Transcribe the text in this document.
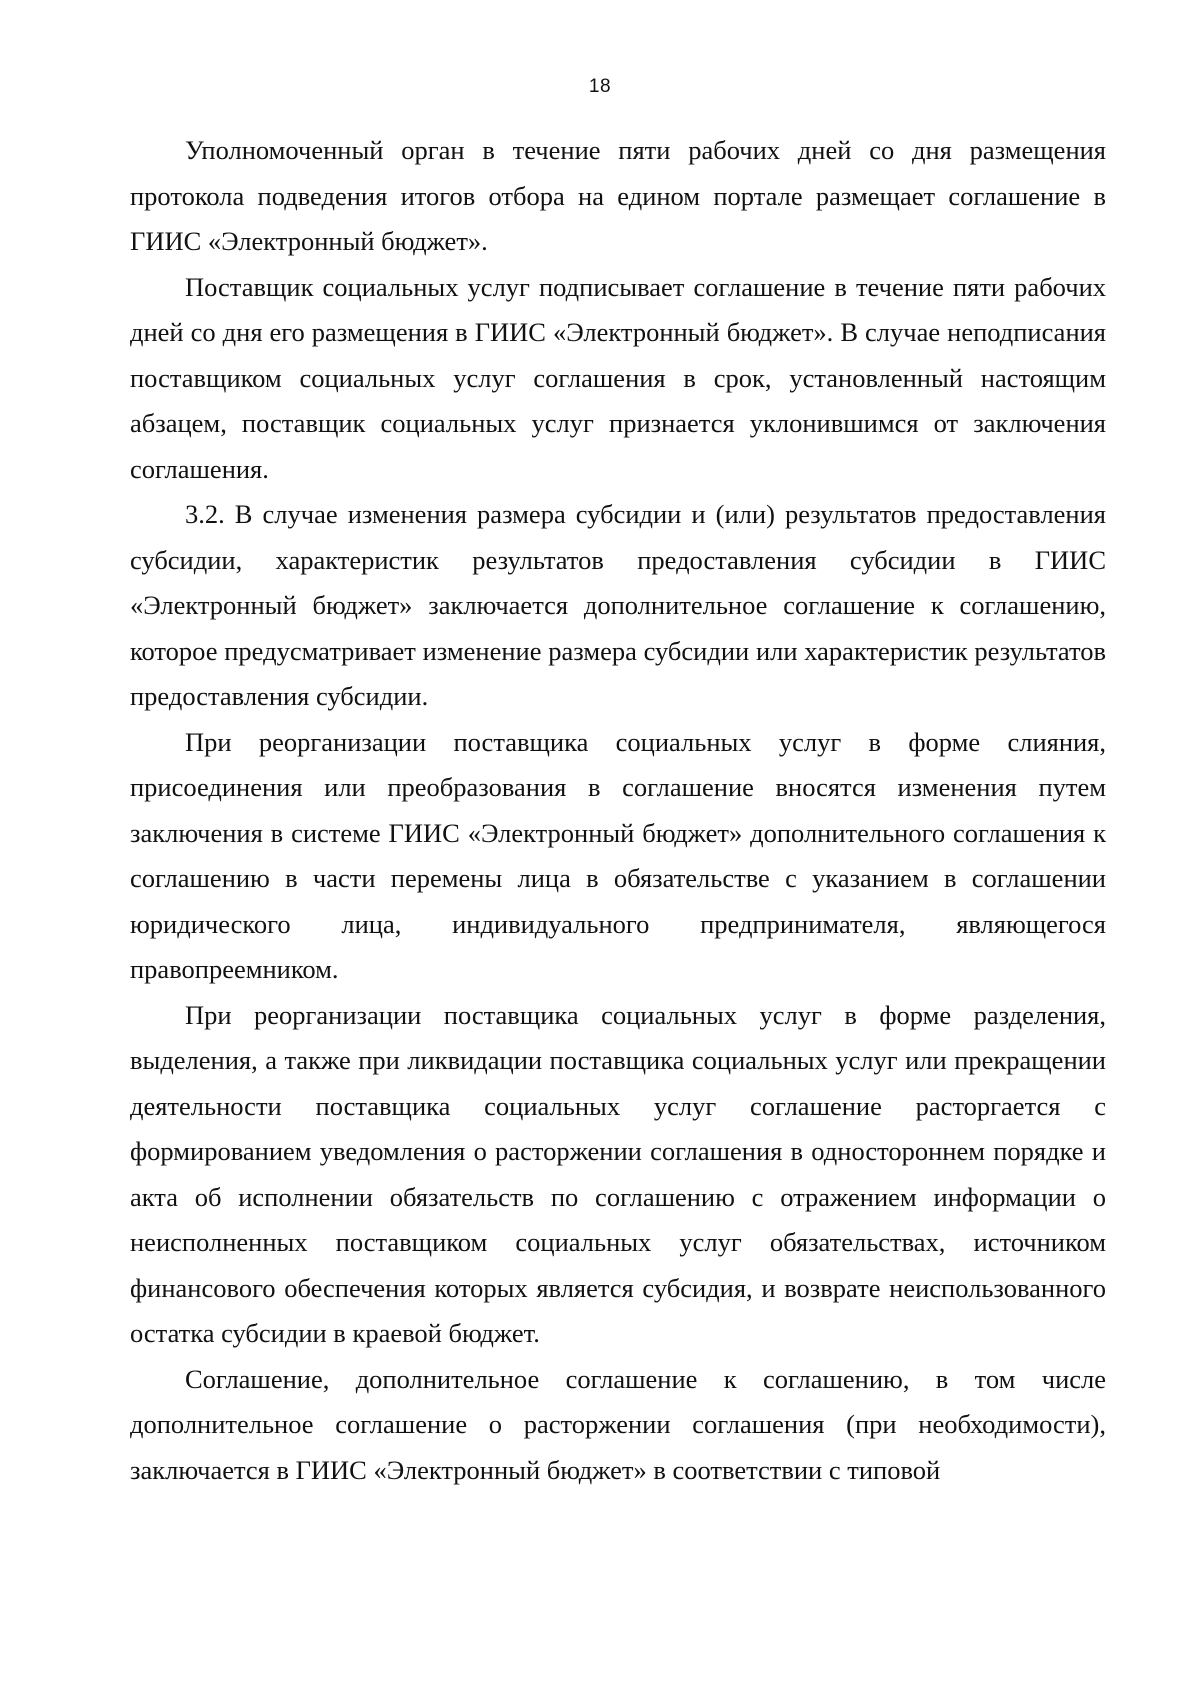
18

Уполномоченный орган в течение пяти рабочих дней со дня размещения протокола подведения итогов отбора на едином портале размещает соглашение в ГИИС «Электронный бюджет».

Поставщик социальных услуг подписывает соглашение в течение пяти рабочих дней со дня его размещения в ГИИС «Электронный бюджет». В случае неподписания поставщиком социальных услуг соглашения в срок, установленный настоящим абзацем, поставщик социальных услуг признается уклонившимся от заключения соглашения.

3.2. В случае изменения размера субсидии и (или) результатов предоставления субсидии, характеристик результатов предоставления субсидии в ГИИС «Электронный бюджет» заключается дополнительное соглашение к соглашению, которое предусматривает изменение размера субсидии или характеристик результатов предоставления субсидии.

При реорганизации поставщика социальных услуг в форме слияния, присоединения или преобразования в соглашение вносятся изменения путем заключения в системе ГИИС «Электронный бюджет» дополнительного соглашения к соглашению в части перемены лица в обязательстве с указанием в соглашении юридического лица, индивидуального предпринимателя, являющегося правопреемником.

При реорганизации поставщика социальных услуг в форме разделения, выделения, а также при ликвидации поставщика социальных услуг или прекращении деятельности поставщика социальных услуг соглашение расторгается с формированием уведомления о расторжении соглашения в одностороннем порядке и акта об исполнении обязательств по соглашению с отражением информации о неисполненных поставщиком социальных услуг обязательствах, источником финансового обеспечения которых является субсидия, и возврате неиспользованного остатка субсидии в краевой бюджет.

Соглашение, дополнительное соглашение к соглашению, в том числе дополнительное соглашение о расторжении соглашения (при необходимости), заключается в ГИИС «Электронный бюджет» в соответствии с типовой
